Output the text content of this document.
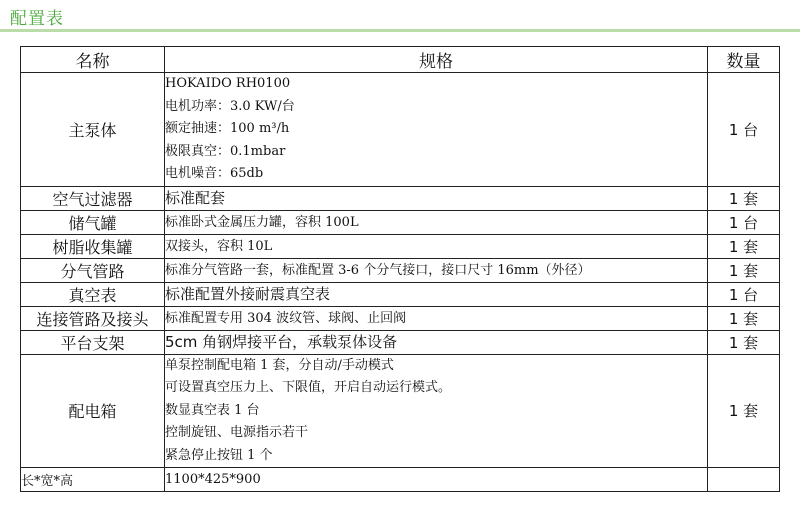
配置表
名称	规格	数量
主泵体	HOKAIDO RH0100
电机功率：3.0 KW/台
额定抽速：100 m³/h
极限真空：0.1mbar
电机噪音：65db	1 台
空气过滤器	标准配套	1 套
储气罐	标准卧式金属压力罐，容积 100L	1 台
树脂收集罐	双接头，容积 10L	1 套
分气管路	标准分气管路一套，标准配置 3-6 个分气接口，接口尺寸 16mm（外径）	1 套
真空表	标准配置外接耐震真空表	1 台
连接管路及接头	标准配置专用 304 波纹管、球阀、止回阀	1 套
平台支架	5cm 角钢焊接平台，承载泵体设备	1 套
配电箱	单泵控制配电箱 1 套，分自动/手动模式
可设置真空压力上、下限值，开启自动运行模式。
数显真空表 1 台
控制旋钮、电源指示若干
紧急停止按钮 1 个	1 套
长*宽*高	1100*425*900	
